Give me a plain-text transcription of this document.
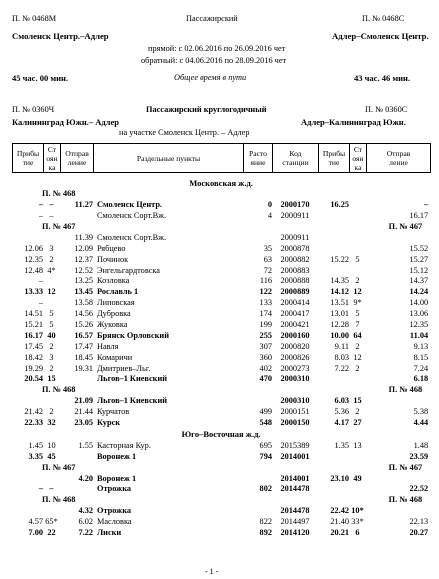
П. № 0468М	Пассажирский	П. № 0468С
Смоленск Центр.–Адлер	Адлер–Смоленск Центр.
прямой: с 02.06.2016 по 26.09.2016 чет
обратный: с 04.06.2016 по 28.09.2016 чет
45 час. 00 мин.	Общее время в пути	43 час. 46 мин.
П. № 0360Ч	Пассажирский круглогодичный	П. № 0360С
Калининград Южн.– Адлер	Адлер–Калининград Южн.
на участке Смоленск Центр. – Адлер
Прибы
тие	Ст
оян
ка	Отправ
ление	Раздельные пункты	Расто
яние	Код
станции	Прибы
тие	Ст
оян
ка	Отправ
ление
Московская ж.д.								
П. № 468								
–	–	11.27	Смоленск Центр.	0	2000170	16.25		–
–	–		Смоленск Сорт.Вж.	4	2000911			16.17
П. № 467				П. № 467				
		11.39	Смоленск Сорт.Вж.		2000911			
12.06	3	12.09	Рябцево	35	2000878			15.52
12.35	2	12.37	Починок	63	2000882	15.22	5	15.27
12.48	4*	12.52	Энгельгардтовска	72	2000883			15.12
–		13.25	Козловка	116	2000888	14.35	2	14.37
13.33	12	13.45	Рославль 1	122	2000889	14.12	12	14.24
–		13.58	Липовская	133	2000414	13.51	9*	14.00
14.51	5	14.56	Дубровка	174	2000417	13.01	5	13.06
15.21	5	15.26	Жуковка	199	2000421	12.28	7	12.35
16.17	40	16.57	Брянск Орловский	255	2000160	10.00	64	11.04
17.45	2	17.47	Навля	307	2000820	9.11	2	9.13
18.42	3	18.45	Комаричи	360	2000826	8.03	12	8.15
19.29	2	19.31	Дмитриев–Льг.	402	2000273	7.22	2	7.24
20.54	15		Льгов–1 Киевский	470	2000310			6.18
П. № 468				П. № 468				
		21.09	Льгов–1 Киевский		2000310	6.03	15	
21.42	2	21.44	Курчатов	499	2000151	5.36	2	5.38
22.33	32	23.05	Курск	548	2000150	4.17	27	4.44
Юго–Восточная ж.д.								
1.45	10	1.55	Касторная Кур.	695	2015389	1.35	13	1.48
3.35	45		Воронеж 1	794	2014001			23.59
П. № 467				П. № 467				
		4.20	Воронеж 1		2014001	23.10	49	
–	–		Отрожка	802	2014478			22.52
П. № 468				П. № 468				
		4.32	Отрожка		2014478	22.42	10*	
4.57	65*	6.02	Масловка	822	2014497	21.40	33*	22.13
7.00	22	7.22	Лиски	892	2014120	20.21	6	20.27
- 1 -
